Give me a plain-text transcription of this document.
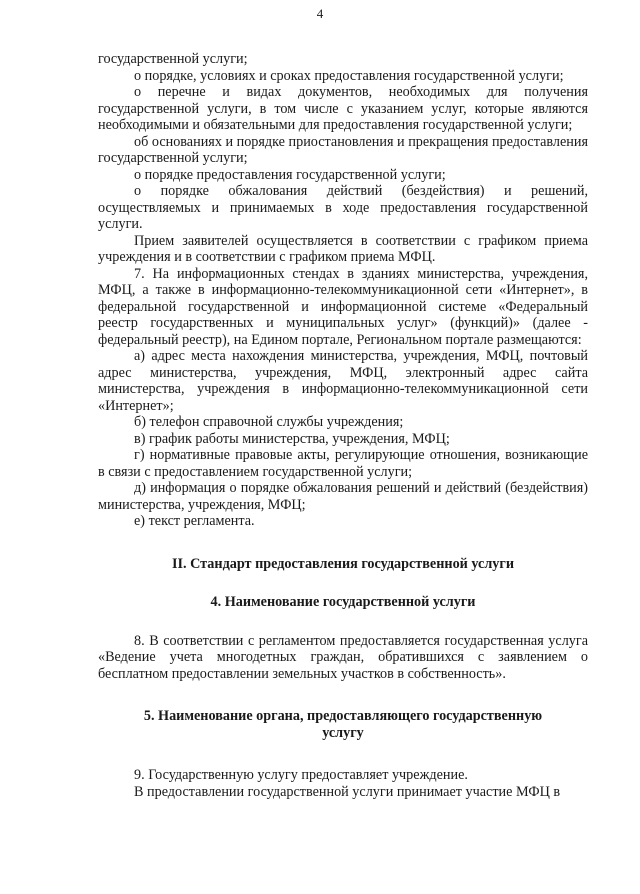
4

государственной услуги;

о порядке, условиях и сроках предоставления государственной услуги;

о перечне и видах документов, необходимых для получения государственной услуги, в том числе с указанием услуг, которые являются необходимыми и обязательными для предоставления государственной услуги;

об основаниях и порядке приостановления и прекращения предоставления государственной услуги;

о порядке предоставления государственной услуги;

о порядке обжалования действий (бездействия) и решений, осуществляемых и принимаемых в ходе предоставления государственной услуги.

Прием заявителей осуществляется в соответствии с графиком приема учреждения и в соответствии с графиком приема МФЦ.

7. На информационных стендах в зданиях министерства, учреждения, МФЦ, а также в информационно-телекоммуникационной сети «Интернет», в федеральной государственной и информационной системе «Федеральный реестр государственных и муниципальных услуг» (функций)» (далее - федеральный реестр), на Едином портале, Региональном портале размещаются:

а) адрес места нахождения министерства, учреждения, МФЦ, почтовый адрес министерства, учреждения, МФЦ, электронный адрес сайта министерства, учреждения в информационно-телекоммуникационной сети «Интернет»;

б) телефон справочной службы учреждения;

в) график работы министерства, учреждения, МФЦ;

г) нормативные правовые акты, регулирующие отношения, возникающие в связи с предоставлением государственной услуги;

д) информация о порядке обжалования решений и действий (бездействия) министерства, учреждения, МФЦ;

е) текст регламента.

II. Стандарт предоставления государственной услуги
4. Наименование государственной услуги

8. В соответствии с регламентом предоставляется государственная услуга «Ведение учета многодетных граждан, обратившихся с заявлением о бесплатном предоставлении земельных участков в собственность».

5. Наименование органа, предоставляющего государственную
услугу

9. Государственную услугу предоставляет учреждение.

В предоставлении государственной услуги принимает участие МФЦ в
